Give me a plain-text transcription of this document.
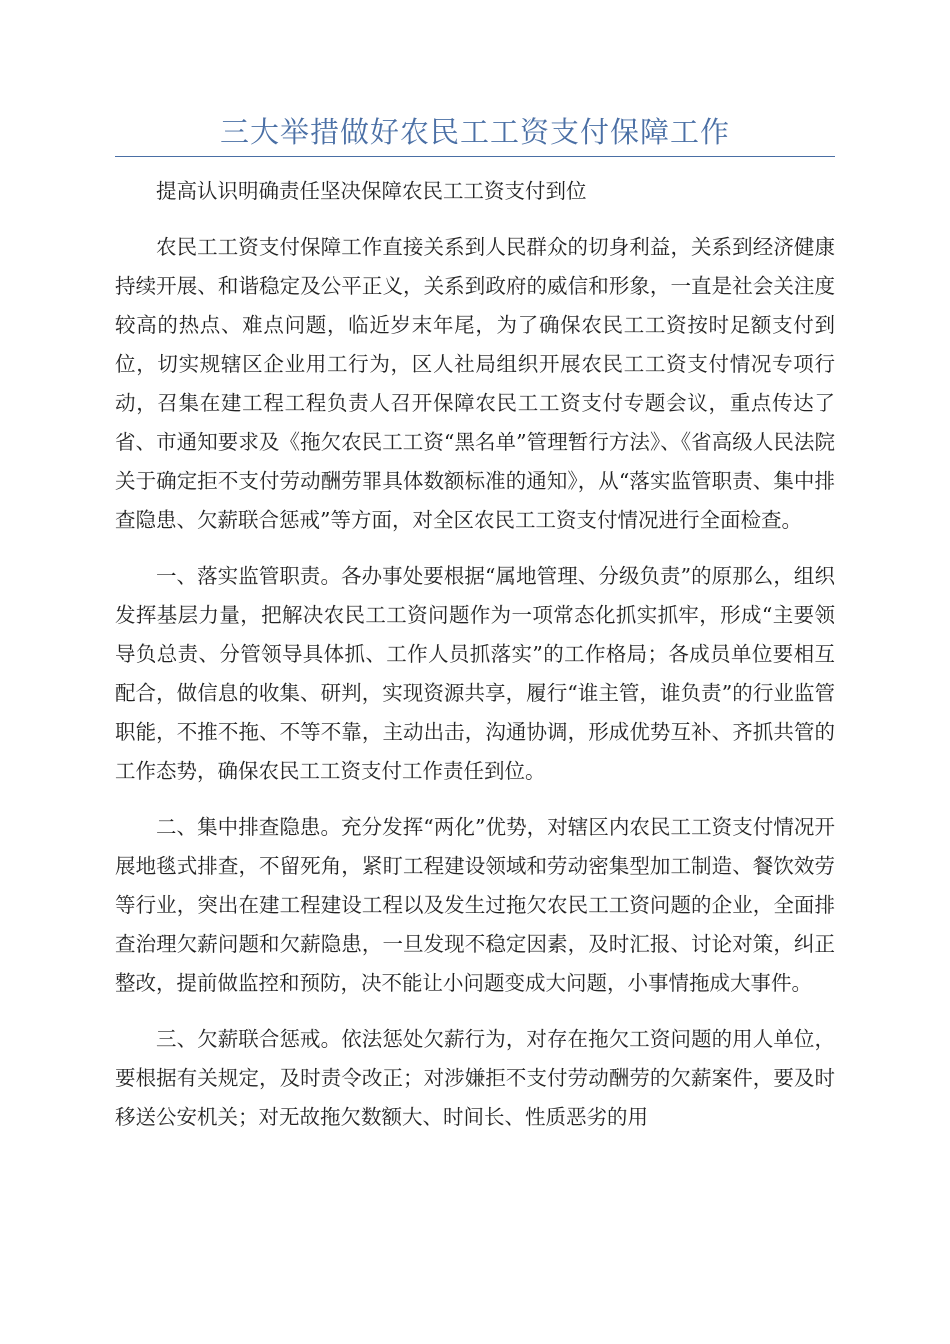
三大举措做好农民工工资支付保障工作

提高认识明确责任坚决保障农民工工资支付到位

农民工工资支付保障工作直接关系到人民群众的切身利益，关系到经济健康持续开展、和谐稳定及公平正义，关系到政府的威信和形象，一直是社会关注度较高的热点、难点问题，临近岁末年尾，为了确保农民工工资按时足额支付到位，切实规辖区企业用工行为，区人社局组织开展农民工工资支付情况专项行动，召集在建工程工程负责人召开保障农民工工资支付专题会议，重点传达了省、市通知要求及《拖欠农民工工资“黑名单”管理暂行方法》、《省高级人民法院关于确定拒不支付劳动酬劳罪具体数额标准的通知》，从“落实监管职责、集中排查隐患、欠薪联合惩戒”等方面，对全区农民工工资支付情况进行全面检查。

一、落实监管职责。各办事处要根据“属地管理、分级负责”的原那么，组织发挥基层力量，把解决农民工工资问题作为一项常态化抓实抓牢，形成“主要领导负总责、分管领导具体抓、工作人员抓落实”的工作格局；各成员单位要相互配合，做信息的收集、研判，实现资源共享，履行“谁主管，谁负责”的行业监管职能，不推不拖、不等不靠，主动出击，沟通协调，形成优势互补、齐抓共管的工作态势，确保农民工工资支付工作责任到位。

二、集中排查隐患。充分发挥“两化”优势，对辖区内农民工工资支付情况开展地毯式排查，不留死角，紧盯工程建设领域和劳动密集型加工制造、餐饮效劳等行业，突出在建工程建设工程以及发生过拖欠农民工工资问题的企业，全面排查治理欠薪问题和欠薪隐患，一旦发现不稳定因素，及时汇报、讨论对策，纠正整改，提前做监控和预防，决不能让小问题变成大问题，小事情拖成大事件。

三、欠薪联合惩戒。依法惩处欠薪行为，对存在拖欠工资问题的用人单位，要根据有关规定，及时责令改正；对涉嫌拒不支付劳动酬劳的欠薪案件，要及时移送公安机关；对无故拖欠数额大、时间长、性质恶劣的用
